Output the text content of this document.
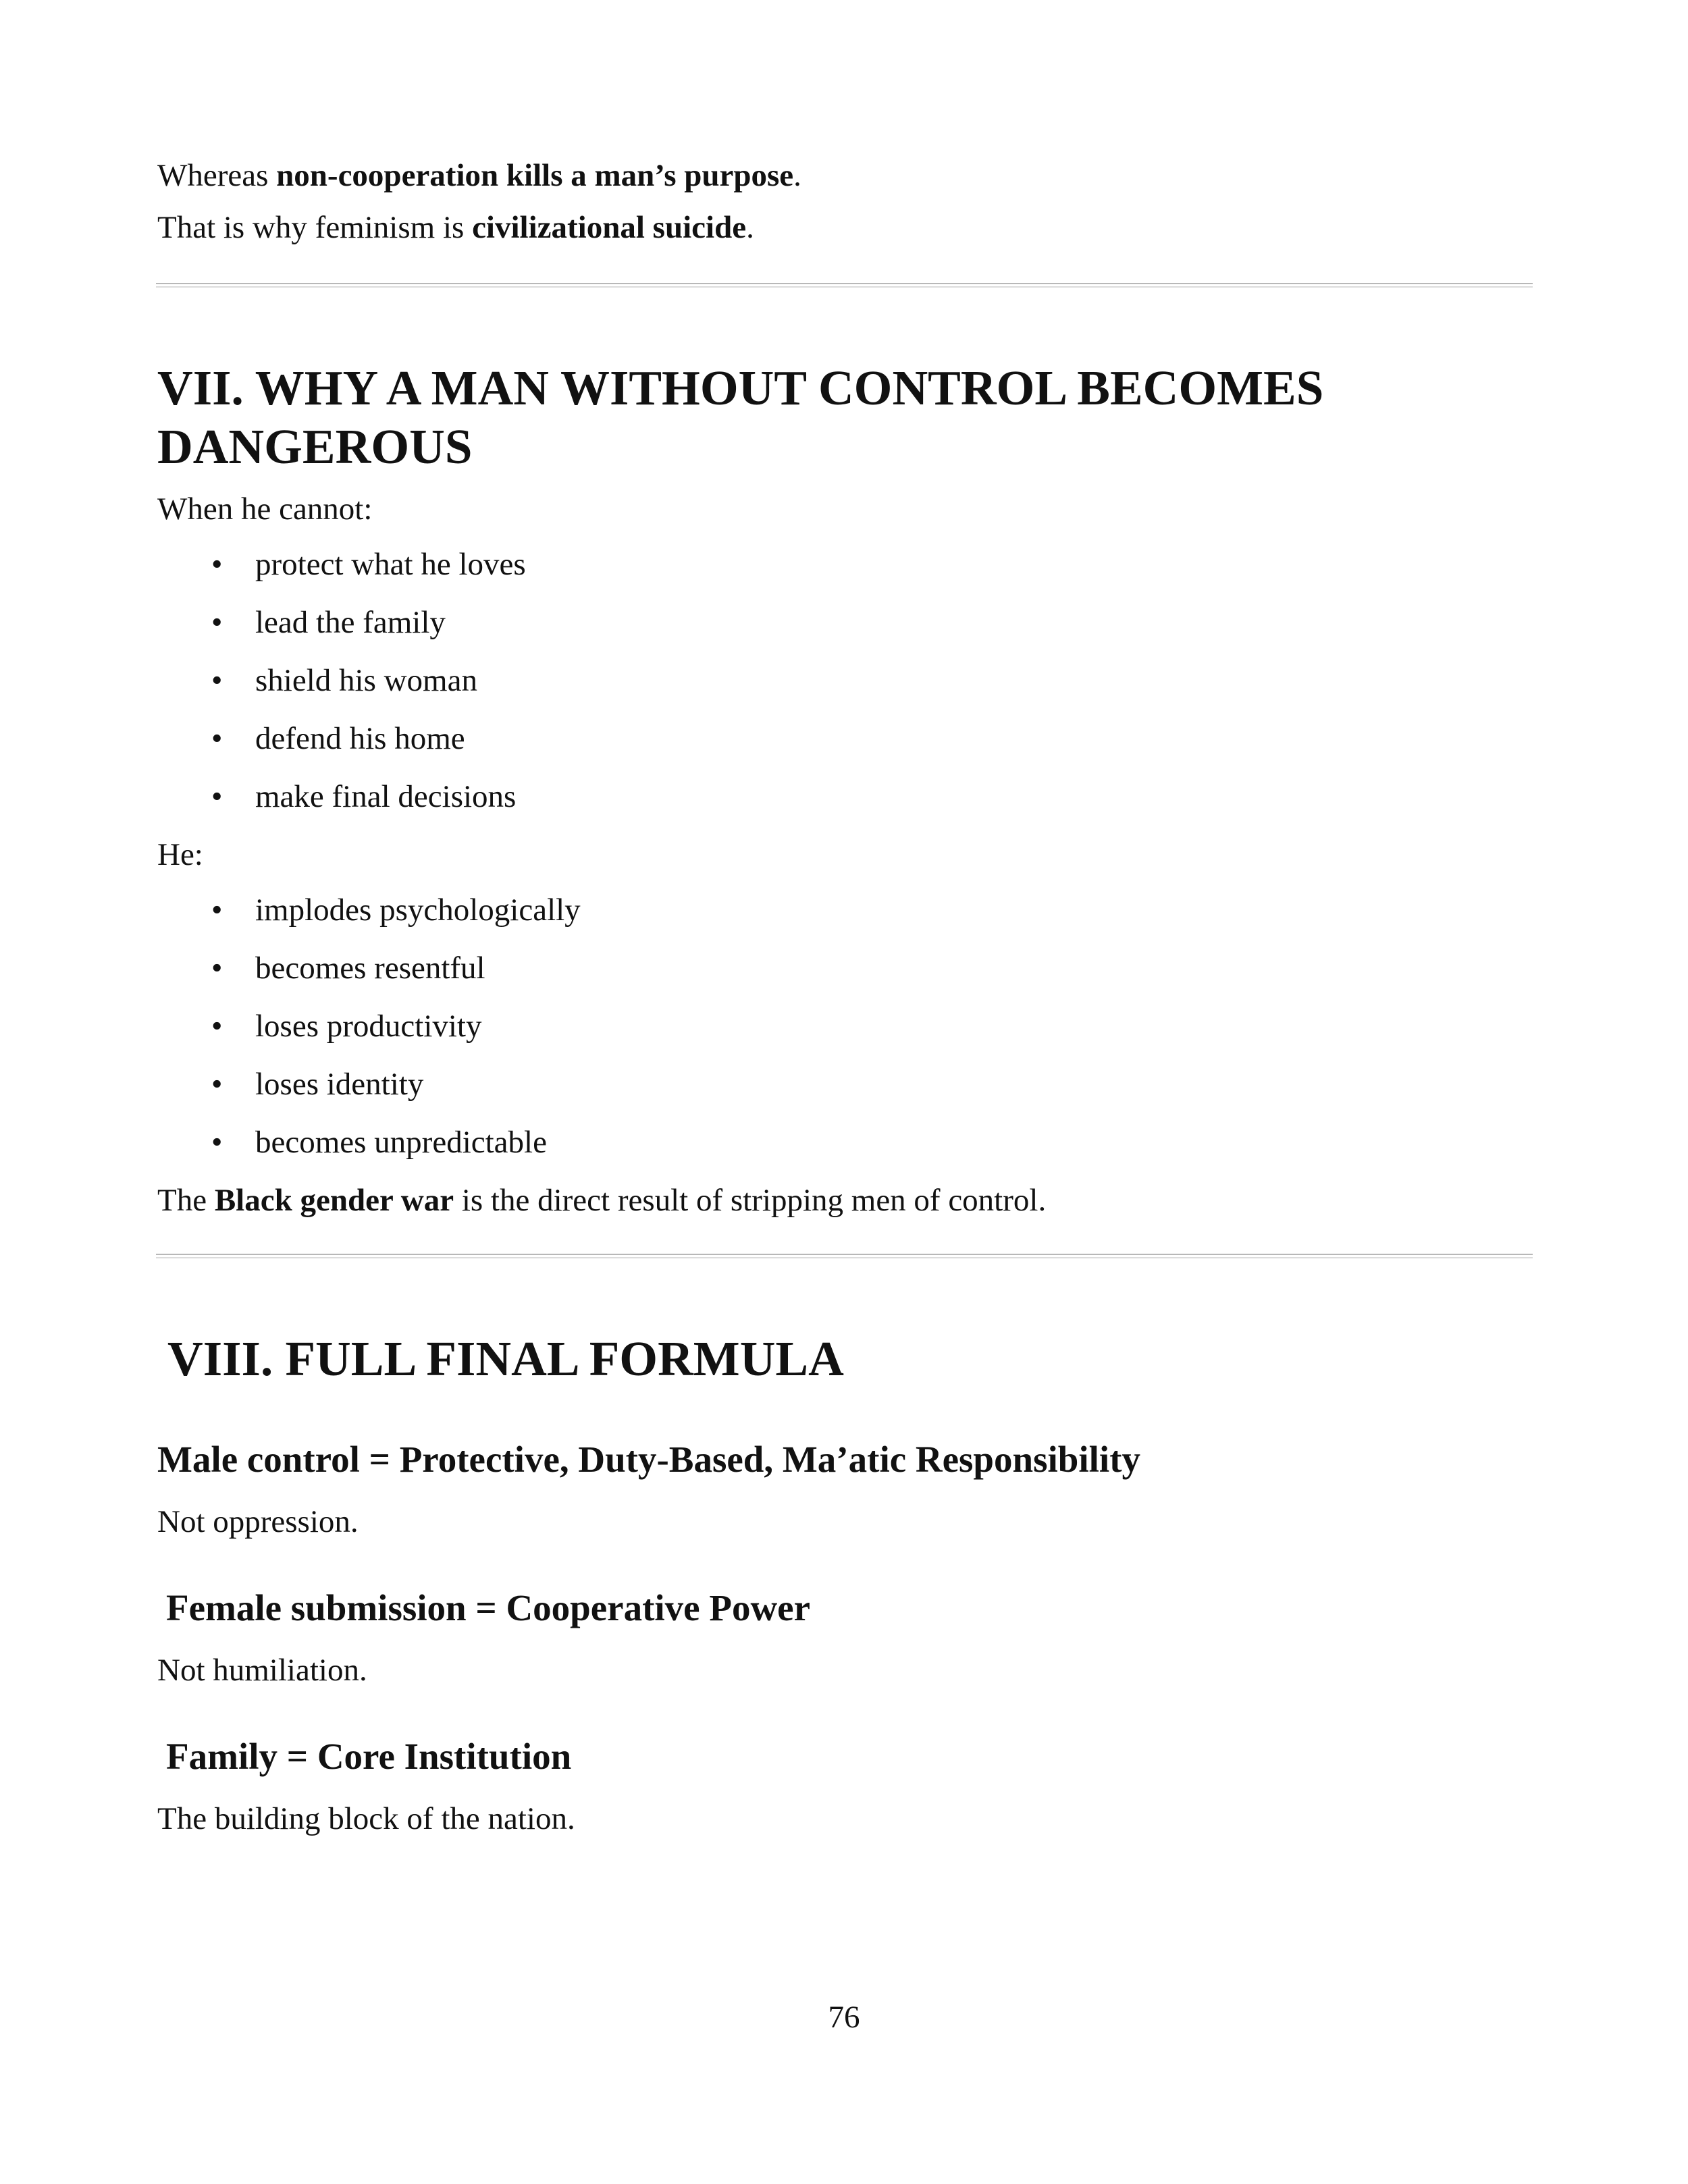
Whereas non-cooperation kills a man’s purpose.

That is why feminism is civilizational suicide.

VII. WHY A MAN WITHOUT CONTROL BECOMES
DANGEROUS

When he cannot:

• protect what he loves
• lead the family
• shield his woman
• defend his home
• make final decisions

He:

• implodes psychologically
• becomes resentful
• loses productivity
• loses identity
• becomes unpredictable

The Black gender war is the direct result of stripping men of control.

VIII. FULL FINAL FORMULA
Male control = Protective, Duty-Based, Ma’atic Responsibility

Not oppression.

Female submission = Cooperative Power

Not humiliation.

Family = Core Institution

The building block of the nation.

76
